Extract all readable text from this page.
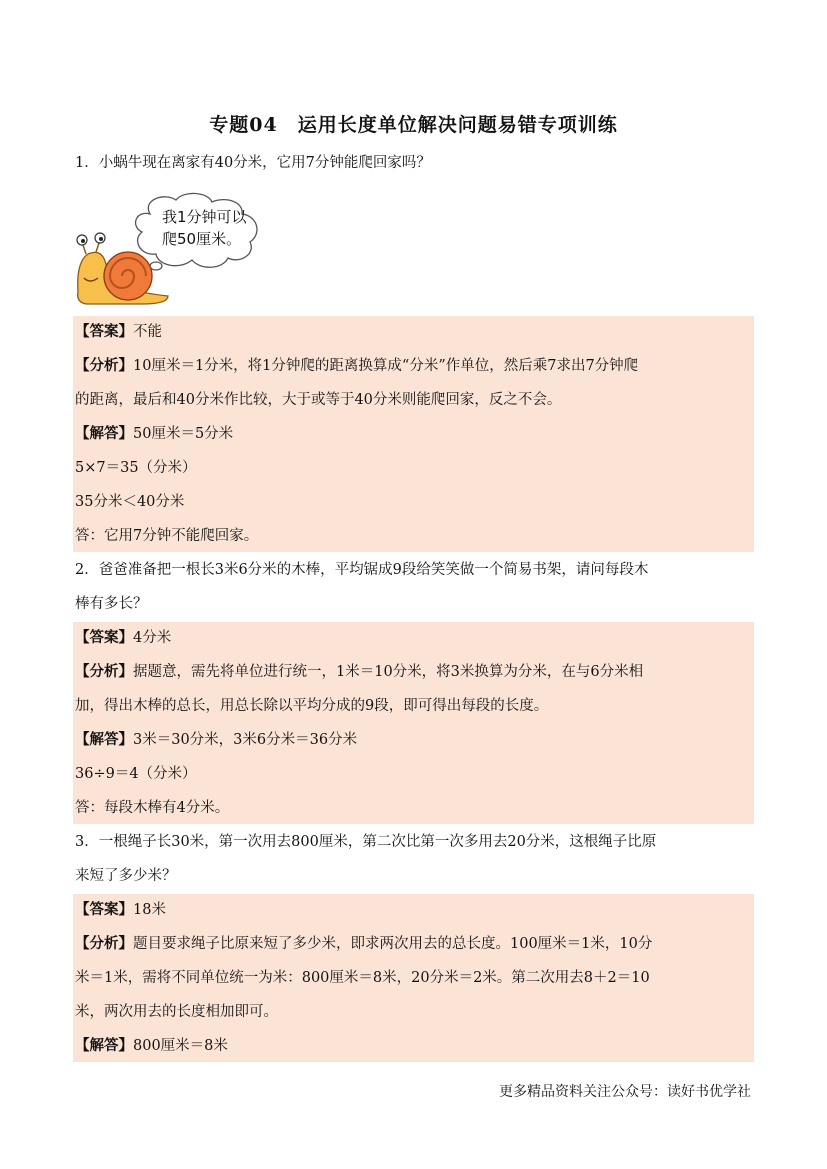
专题04　运用长度单位解决问题易错专项训练
1．小蜗牛现在离家有40分米，它用7分钟能爬回家吗？
我1分钟可以
爬50厘米。
【答案】不能
【分析】10厘米＝1分米，将1分钟爬的距离换算成“分米”作单位，然后乘7求出7分钟爬
的距离，最后和40分米作比较，大于或等于40分米则能爬回家，反之不会。
【解答】50厘米＝5分米
5×7＝35（分米）
35分米＜40分米
答：它用7分钟不能爬回家。
2．爸爸准备把一根长3米6分米的木棒，平均锯成9段给笑笑做一个简易书架，请问每段木
棒有多长？
【答案】4分米
【分析】据题意，需先将单位进行统一，1米＝10分米，将3米换算为分米，在与6分米相
加，得出木棒的总长，用总长除以平均分成的9段，即可得出每段的长度。
【解答】3米＝30分米，3米6分米＝36分米
36÷9＝4（分米）
答：每段木棒有4分米。
3．一根绳子长30米，第一次用去800厘米，第二次比第一次多用去20分米，这根绳子比原
来短了多少米？
【答案】18米
【分析】题目要求绳子比原来短了多少米，即求两次用去的总长度。100厘米＝1米，10分
米＝1米，需将不同单位统一为米：800厘米＝8米，20分米＝2米。第二次用去8＋2＝10
米，两次用去的长度相加即可。
【解答】800厘米＝8米
更多精品资料关注公众号：读好书优学社
